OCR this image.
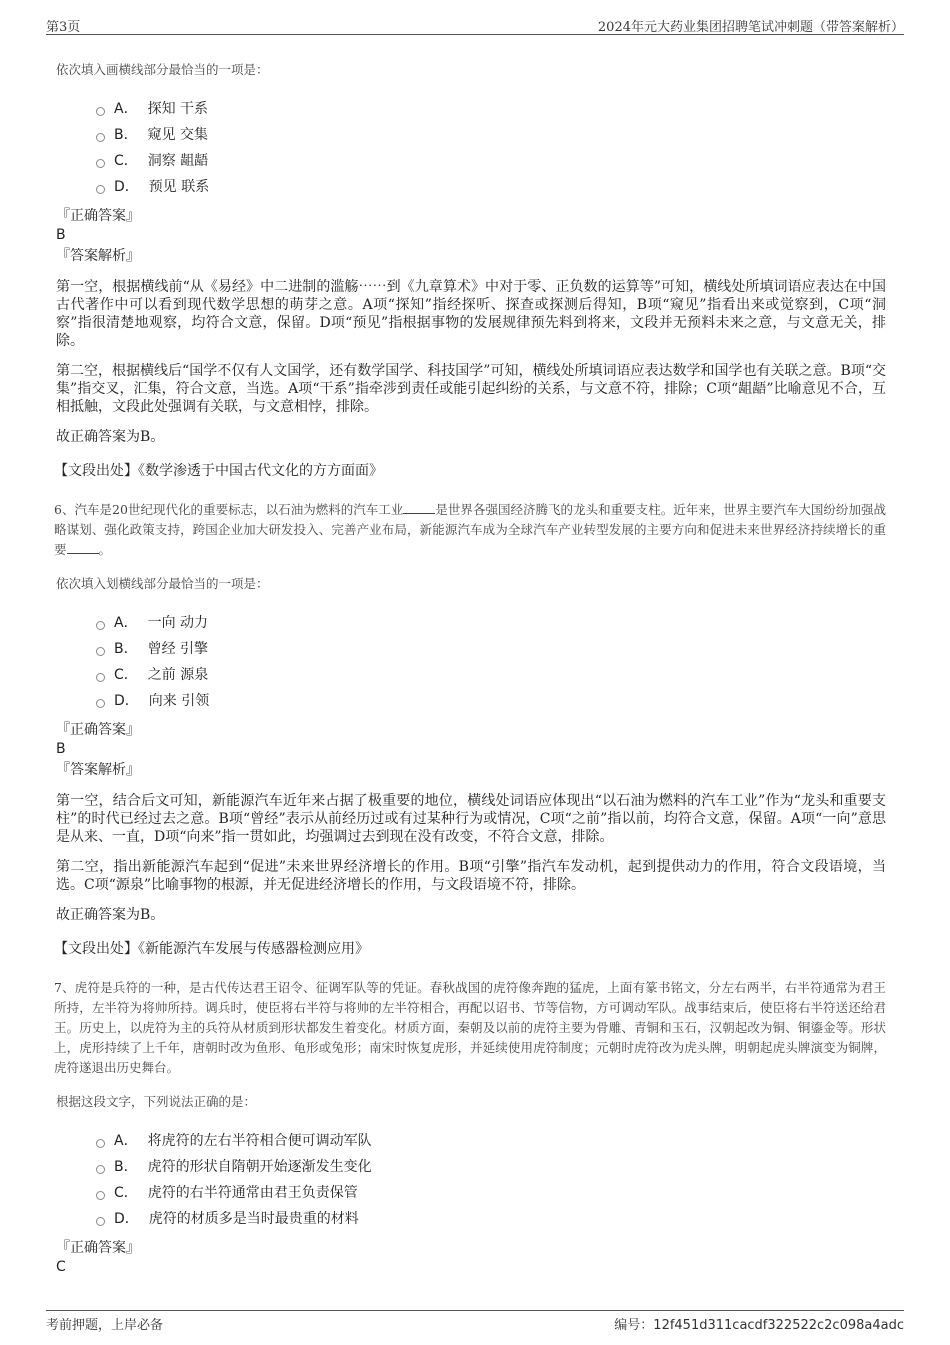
第3页	2024年元大药业集团招聘笔试冲刺题（带答案解析）
依次填入画横线部分最恰当的一项是：
A． 探知 干系
B． 窥见 交集
C． 洞察 龃龉
D． 预见 联系
『正确答案』
B
『答案解析』

第一空，根据横线前“从《易经》中二进制的滥觞⋯⋯到《九章算术》中对于零、正负数的运算等”可知，横线处所填词语应表达在中国古代著作中可以看到现代数学思想的萌芽之意。A项“探知”指经探听、探查或探测后得知，B项“窥见”指看出来或觉察到，C项“洞察”指很清楚地观察，均符合文意，保留。D项“预见”指根据事物的发展规律预先料到将来，文段并无预料未来之意，与文意无关，排除。

第二空，根据横线后“国学不仅有人文国学，还有数学国学、科技国学”可知，横线处所填词语应表达数学和国学也有关联之意。B项“交集”指交叉，汇集，符合文意，当选。A项“干系”指牵涉到责任或能引起纠纷的关系，与文意不符，排除；C项“龃龉”比喻意见不合，互相抵触，文段此处强调有关联，与文意相悖，排除。

故正确答案为B。

【文段出处】《数学渗透于中国古代文化的方方面面》

6、汽车是20世纪现代化的重要标志，以石油为燃料的汽车工业	是世界各强国经济腾飞的龙头和重要支柱。近年来，世界主要汽车大国纷纷加强战略谋划、强化政策支持，跨国企业加大研发投入、完善产业布局，新能源汽车成为全球汽车产业转型发展的主要方向和促进未来世界经济持续增长的重要	。

依次填入划横线部分最恰当的一项是：
A． 一向 动力
B． 曾经 引擎
C． 之前 源泉
D． 向来 引领
『正确答案』
B
『答案解析』

第一空，结合后文可知，新能源汽车近年来占据了极重要的地位，横线处词语应体现出“以石油为燃料的汽车工业”作为“龙头和重要支柱”的时代已经过去之意。B项“曾经”表示从前经历过或有过某种行为或情况，C项“之前”指以前，均符合文意，保留。A项“一向”意思是从来、一直，D项“向来”指一贯如此，均强调过去到现在没有改变，不符合文意，排除。

第二空，指出新能源汽车起到“促进”未来世界经济增长的作用。B项“引擎”指汽车发动机，起到提供动力的作用，符合文段语境，当选。C项“源泉”比喻事物的根源，并无促进经济增长的作用，与文段语境不符，排除。

故正确答案为B。

【文段出处】《新能源汽车发展与传感器检测应用》

7、虎符是兵符的一种，是古代传达君王诏令、征调军队等的凭证。春秋战国的虎符像奔跑的猛虎，上面有篆书铭文，分左右两半，右半符通常为君王所持，左半符为将帅所持。调兵时，使臣将右半符与将帅的左半符相合，再配以诏书、节等信物，方可调动军队。战事结束后，使臣将右半符送还给君王。历史上，以虎符为主的兵符从材质到形状都发生着变化。材质方面，秦朝及以前的虎符主要为骨雕、青铜和玉石，汉朝起改为铜、铜鎏金等。形状上，虎形持续了上千年，唐朝时改为鱼形、龟形或兔形；南宋时恢复虎形，并延续使用虎符制度；元朝时虎符改为虎头牌，明朝起虎头牌演变为铜牌，虎符遂退出历史舞台。

根据这段文字，下列说法正确的是：
A． 将虎符的左右半符相合便可调动军队
B． 虎符的形状自隋朝开始逐渐发生变化
C． 虎符的右半符通常由君王负责保管
D． 虎符的材质多是当时最贵重的材料
『正确答案』
C
考前押题，上岸必备	编号：12f451d311cacdf322522c2c098a4adc
